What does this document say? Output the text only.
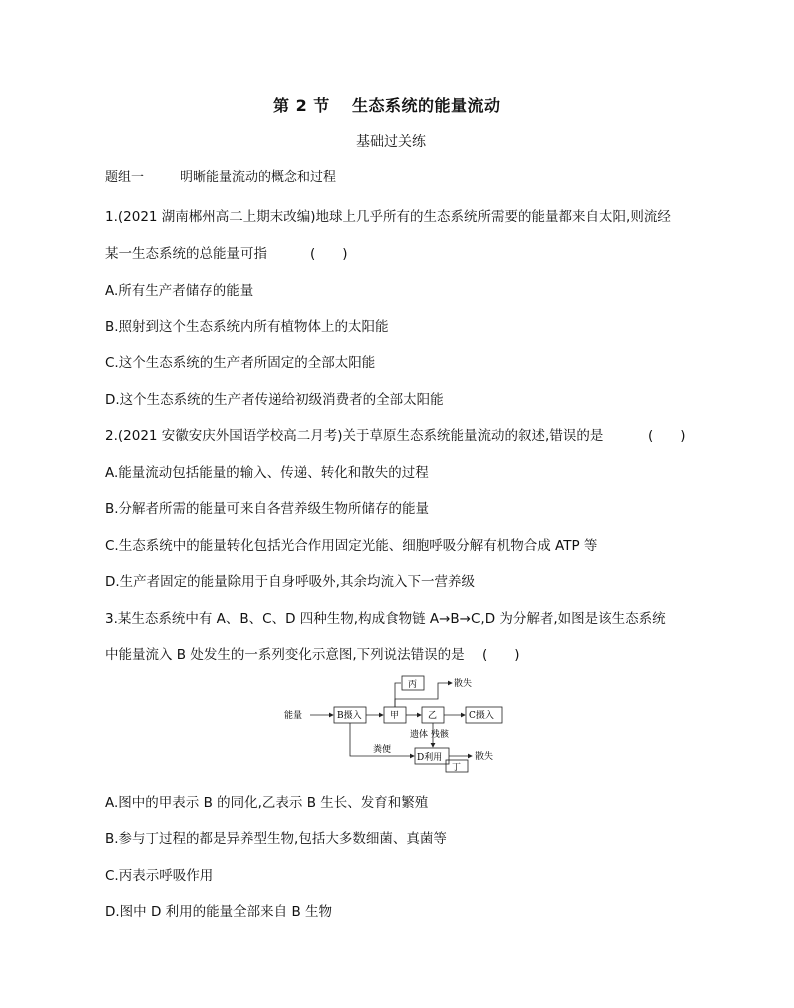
第 2 节 生态系统的能量流动
基础过关练
题组一	明晰能量流动的概念和过程
1.(2021 湖南郴州高二上期末改编)地球上几乎所有的生态系统所需要的能量都来自太阳,则流经
某一生态系统的总能量可指	(　　)
A.所有生产者储存的能量
B.照射到这个生态系统内所有植物体上的太阳能
C.这个生态系统的生产者所固定的全部太阳能
D.这个生态系统的生产者传递给初级消费者的全部太阳能
2.(2021 安徽安庆外国语学校高二月考)关于草原生态系统能量流动的叙述,错误的是	(　　)
A.能量流动包括能量的输入、传递、转化和散失的过程
B.分解者所需的能量可来自各营养级生物所储存的能量
C.生态系统中的能量转化包括光合作用固定光能、细胞呼吸分解有机物合成 ATP 等
D.生产者固定的能量除用于自身呼吸外,其余均流入下一营养级
3.某生态系统中有 A、B、C、D 四种生物,构成食物链 A→B→C,D 为分解者,如图是该生态系统
中能量流入 B 处发生的一系列变化示意图,下列说法错误的是 (　　)
能量	B摄入	甲	乙
丙	散失
C摄入
D利用
丁
散失
粪便
遗体 残骸
A.图中的甲表示 B 的同化,乙表示 B 生长、发育和繁殖
B.参与丁过程的都是异养型生物,包括大多数细菌、真菌等
C.丙表示呼吸作用
D.图中 D 利用的能量全部来自 B 生物
